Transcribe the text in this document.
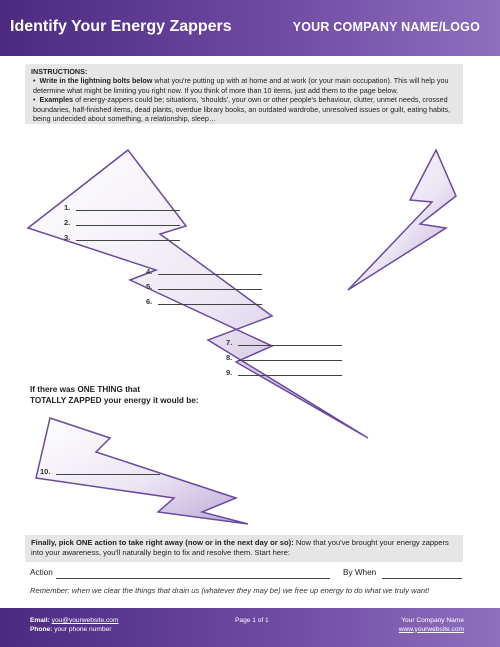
Identify Your Energy Zappers	YOUR COMPANY NAME/LOGO

INSTRUCTIONS:

•  Write in the lightning bolts below what you're putting up with at home and at work (or your main occupation). This will help you determine what might be limiting you right now. If you think of more than 10 items, just add them to the page below.

•  Examples of energy-zappers could be; situations, 'shoulds', your own or other people's behaviour, clutter, unmet needs, crossed boundaries, half-finished items, dead plants, overdue library books, an outdated wardrobe, unresolved issues or guilt, eating habits, being undecided about something, a relationship, sleep…

1.
2.
3.
4.
5.
6.
7.
8.
9.
If there was ONE THING that
TOTALLY ZAPPED your energy it would be:
10.
Finally, pick ONE action to take right away (now or in the next day or so): Now that you've brought your energy zappers into your awareness, you'll naturally begin to fix and resolve them. Start here:
Action	By When
Remember: when we clear the things that drain us (whatever they may be) we free up energy to do what we truly want!
Email: you@yourwebsite.com
Phone: your phone number
Page 1 of 1	Your Company Name
www.yourwebsite.com
